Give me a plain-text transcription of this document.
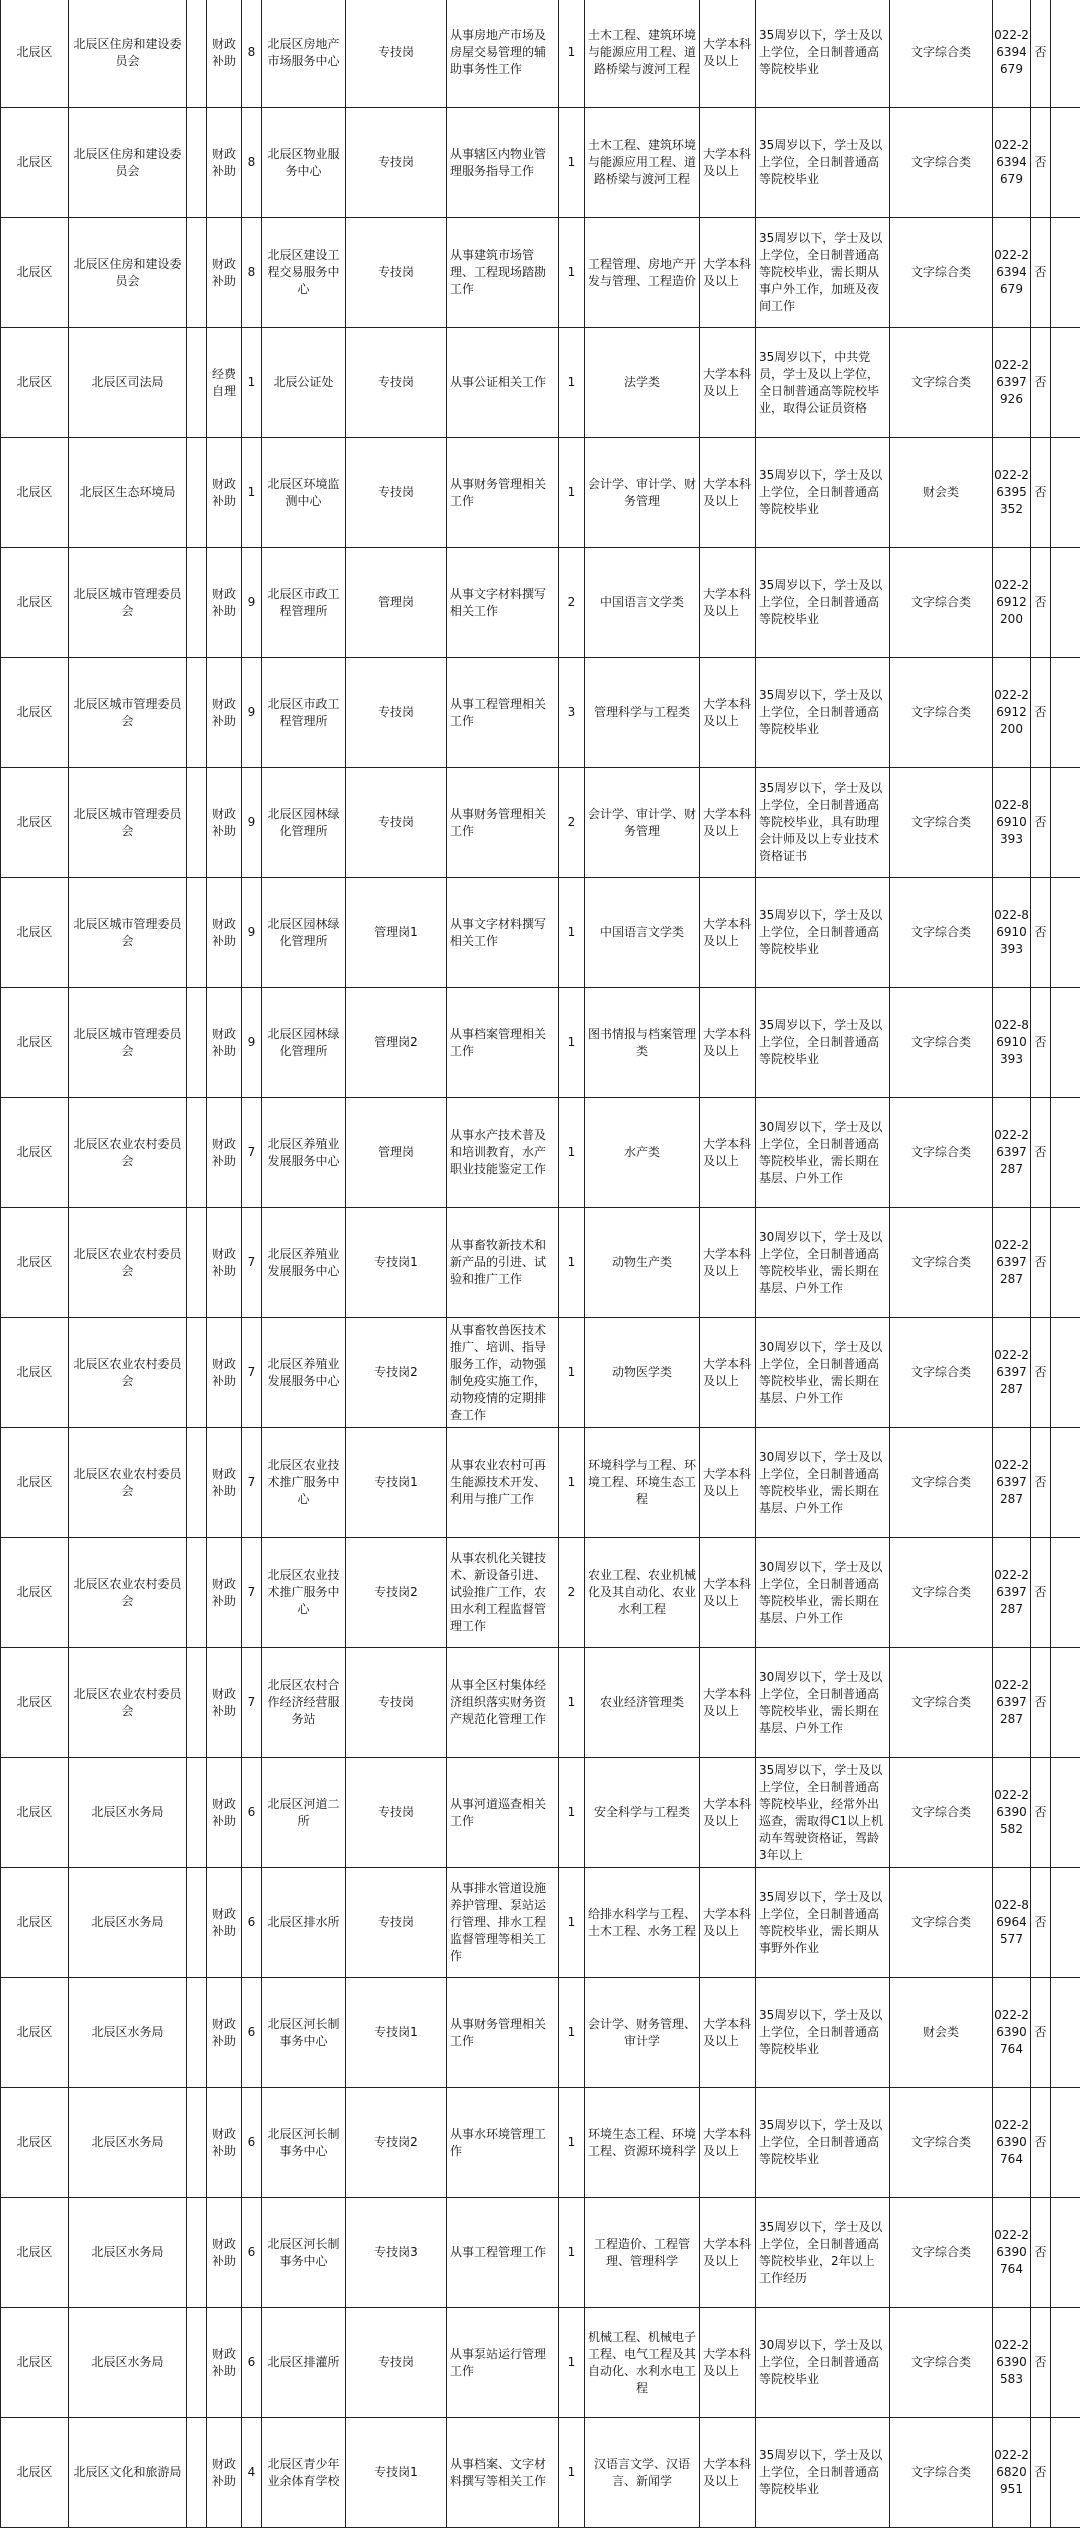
北辰区	北辰区住房和建设委员会		财政补助	8	北辰区房地产市场服务中心	专技岗	从事房地产市场及房屋交易管理的辅助事务性工作	1	土木工程、建筑环境与能源应用工程、道路桥梁与渡河工程	大学本科及以上	35周岁以下，学士及以上学位，全日制普通高等院校毕业	文字综合类	022-26394679	否	
北辰区	北辰区住房和建设委员会		财政补助	8	北辰区物业服务中心	专技岗	从事辖区内物业管理服务指导工作	1	土木工程、建筑环境与能源应用工程、道路桥梁与渡河工程	大学本科及以上	35周岁以下，学士及以上学位，全日制普通高等院校毕业	文字综合类	022-26394679	否	
北辰区	北辰区住房和建设委员会		财政补助	8	北辰区建设工程交易服务中心	专技岗	从事建筑市场管理、工程现场踏勘工作	1	工程管理、房地产开发与管理、工程造价	大学本科及以上	35周岁以下，学士及以上学位，全日制普通高等院校毕业，需长期从事户外工作，加班及夜间工作	文字综合类	022-26394679	否	
北辰区	北辰区司法局		经费自理	1	北辰公证处	专技岗	从事公证相关工作	1	法学类	大学本科及以上	35周岁以下，中共党员，学士及以上学位，全日制普通高等院校毕业，取得公证员资格	文字综合类	022-26397926	否	
北辰区	北辰区生态环境局		财政补助	1	北辰区环境监测中心	专技岗	从事财务管理相关工作	1	会计学、审计学、财务管理	大学本科及以上	35周岁以下，学士及以上学位，全日制普通高等院校毕业	财会类	022-26395352	否	
北辰区	北辰区城市管理委员会		财政补助	9	北辰区市政工程管理所	管理岗	从事文字材料撰写相关工作	2	中国语言文学类	大学本科及以上	35周岁以下，学士及以上学位，全日制普通高等院校毕业	文字综合类	022-26912200	否	
北辰区	北辰区城市管理委员会		财政补助	9	北辰区市政工程管理所	专技岗	从事工程管理相关工作	3	管理科学与工程类	大学本科及以上	35周岁以下，学士及以上学位，全日制普通高等院校毕业	文字综合类	022-26912200	否	
北辰区	北辰区城市管理委员会		财政补助	9	北辰区园林绿化管理所	专技岗	从事财务管理相关工作	2	会计学、审计学、财务管理	大学本科及以上	35周岁以下，学士及以上学位，全日制普通高等院校毕业，具有助理会计师及以上专业技术资格证书	文字综合类	022-86910393	否	
北辰区	北辰区城市管理委员会		财政补助	9	北辰区园林绿化管理所	管理岗1	从事文字材料撰写相关工作	1	中国语言文学类	大学本科及以上	35周岁以下，学士及以上学位，全日制普通高等院校毕业	文字综合类	022-86910393	否	
北辰区	北辰区城市管理委员会		财政补助	9	北辰区园林绿化管理所	管理岗2	从事档案管理相关工作	1	图书情报与档案管理类	大学本科及以上	35周岁以下，学士及以上学位，全日制普通高等院校毕业	文字综合类	022-86910393	否	
北辰区	北辰区农业农村委员会		财政补助	7	北辰区养殖业发展服务中心	管理岗	从事水产技术普及和培训教育，水产职业技能鉴定工作	1	水产类	大学本科及以上	30周岁以下，学士及以上学位，全日制普通高等院校毕业，需长期在基层、户外工作	文字综合类	022-26397287	否	
北辰区	北辰区农业农村委员会		财政补助	7	北辰区养殖业发展服务中心	专技岗1	从事畜牧新技术和新产品的引进、试验和推广工作	1	动物生产类	大学本科及以上	30周岁以下，学士及以上学位，全日制普通高等院校毕业，需长期在基层、户外工作	文字综合类	022-26397287	否	
北辰区	北辰区农业农村委员会		财政补助	7	北辰区养殖业发展服务中心	专技岗2	从事畜牧兽医技术推广、培训、指导服务工作，动物强制免疫实施工作，动物疫情的定期排查工作	1	动物医学类	大学本科及以上	30周岁以下，学士及以上学位，全日制普通高等院校毕业，需长期在基层、户外工作	文字综合类	022-26397287	否	
北辰区	北辰区农业农村委员会		财政补助	7	北辰区农业技术推广服务中心	专技岗1	从事农业农村可再生能源技术开发、利用与推广工作	1	环境科学与工程、环境工程、环境生态工程	大学本科及以上	30周岁以下，学士及以上学位，全日制普通高等院校毕业，需长期在基层、户外工作	文字综合类	022-26397287	否	
北辰区	北辰区农业农村委员会		财政补助	7	北辰区农业技术推广服务中心	专技岗2	从事农机化关键技术、新设备引进、试验推广工作，农田水利工程监督管理工作	2	农业工程、农业机械化及其自动化、农业水利工程	大学本科及以上	30周岁以下，学士及以上学位，全日制普通高等院校毕业，需长期在基层、户外工作	文字综合类	022-26397287	否	
北辰区	北辰区农业农村委员会		财政补助	7	北辰区农村合作经济经营服务站	专技岗	从事全区村集体经济组织落实财务资产规范化管理工作	1	农业经济管理类	大学本科及以上	30周岁以下，学士及以上学位，全日制普通高等院校毕业，需长期在基层、户外工作	文字综合类	022-26397287	否	
北辰区	北辰区水务局		财政补助	6	北辰区河道二所	专技岗	从事河道巡查相关工作	1	安全科学与工程类	大学本科及以上	35周岁以下，学士及以上学位，全日制普通高等院校毕业，经常外出巡查，需取得C1以上机动车驾驶资格证，驾龄3年以上	文字综合类	022-26390582	否	
北辰区	北辰区水务局		财政补助	6	北辰区排水所	专技岗	从事排水管道设施养护管理、泵站运行管理、排水工程监督管理等相关工作	1	给排水科学与工程、土木工程、水务工程	大学本科及以上	35周岁以下，学士及以上学位，全日制普通高等院校毕业，需长期从事野外作业	文字综合类	022-86964577	否	
北辰区	北辰区水务局		财政补助	6	北辰区河长制事务中心	专技岗1	从事财务管理相关工作	1	会计学、财务管理、审计学	大学本科及以上	35周岁以下，学士及以上学位，全日制普通高等院校毕业	财会类	022-26390764	否	
北辰区	北辰区水务局		财政补助	6	北辰区河长制事务中心	专技岗2	从事水环境管理工作	1	环境生态工程、环境工程、资源环境科学	大学本科及以上	35周岁以下，学士及以上学位，全日制普通高等院校毕业	文字综合类	022-26390764	否	
北辰区	北辰区水务局		财政补助	6	北辰区河长制事务中心	专技岗3	从事工程管理工作	1	工程造价、工程管理、管理科学	大学本科及以上	35周岁以下，学士及以上学位，全日制普通高等院校毕业，2年以上工作经历	文字综合类	022-26390764	否	
北辰区	北辰区水务局		财政补助	6	北辰区排灌所	专技岗	从事泵站运行管理工作	1	机械工程、机械电子工程、电气工程及其自动化、水利水电工程	大学本科及以上	30周岁以下，学士及以上学位，全日制普通高等院校毕业	文字综合类	022-26390583	否	
北辰区	北辰区文化和旅游局		财政补助	4	北辰区青少年业余体育学校	专技岗1	从事档案、文字材料撰写等相关工作	1	汉语言文学、汉语言、新闻学	大学本科及以上	35周岁以下，学士及以上学位，全日制普通高等院校毕业	文字综合类	022-26820951	否	
